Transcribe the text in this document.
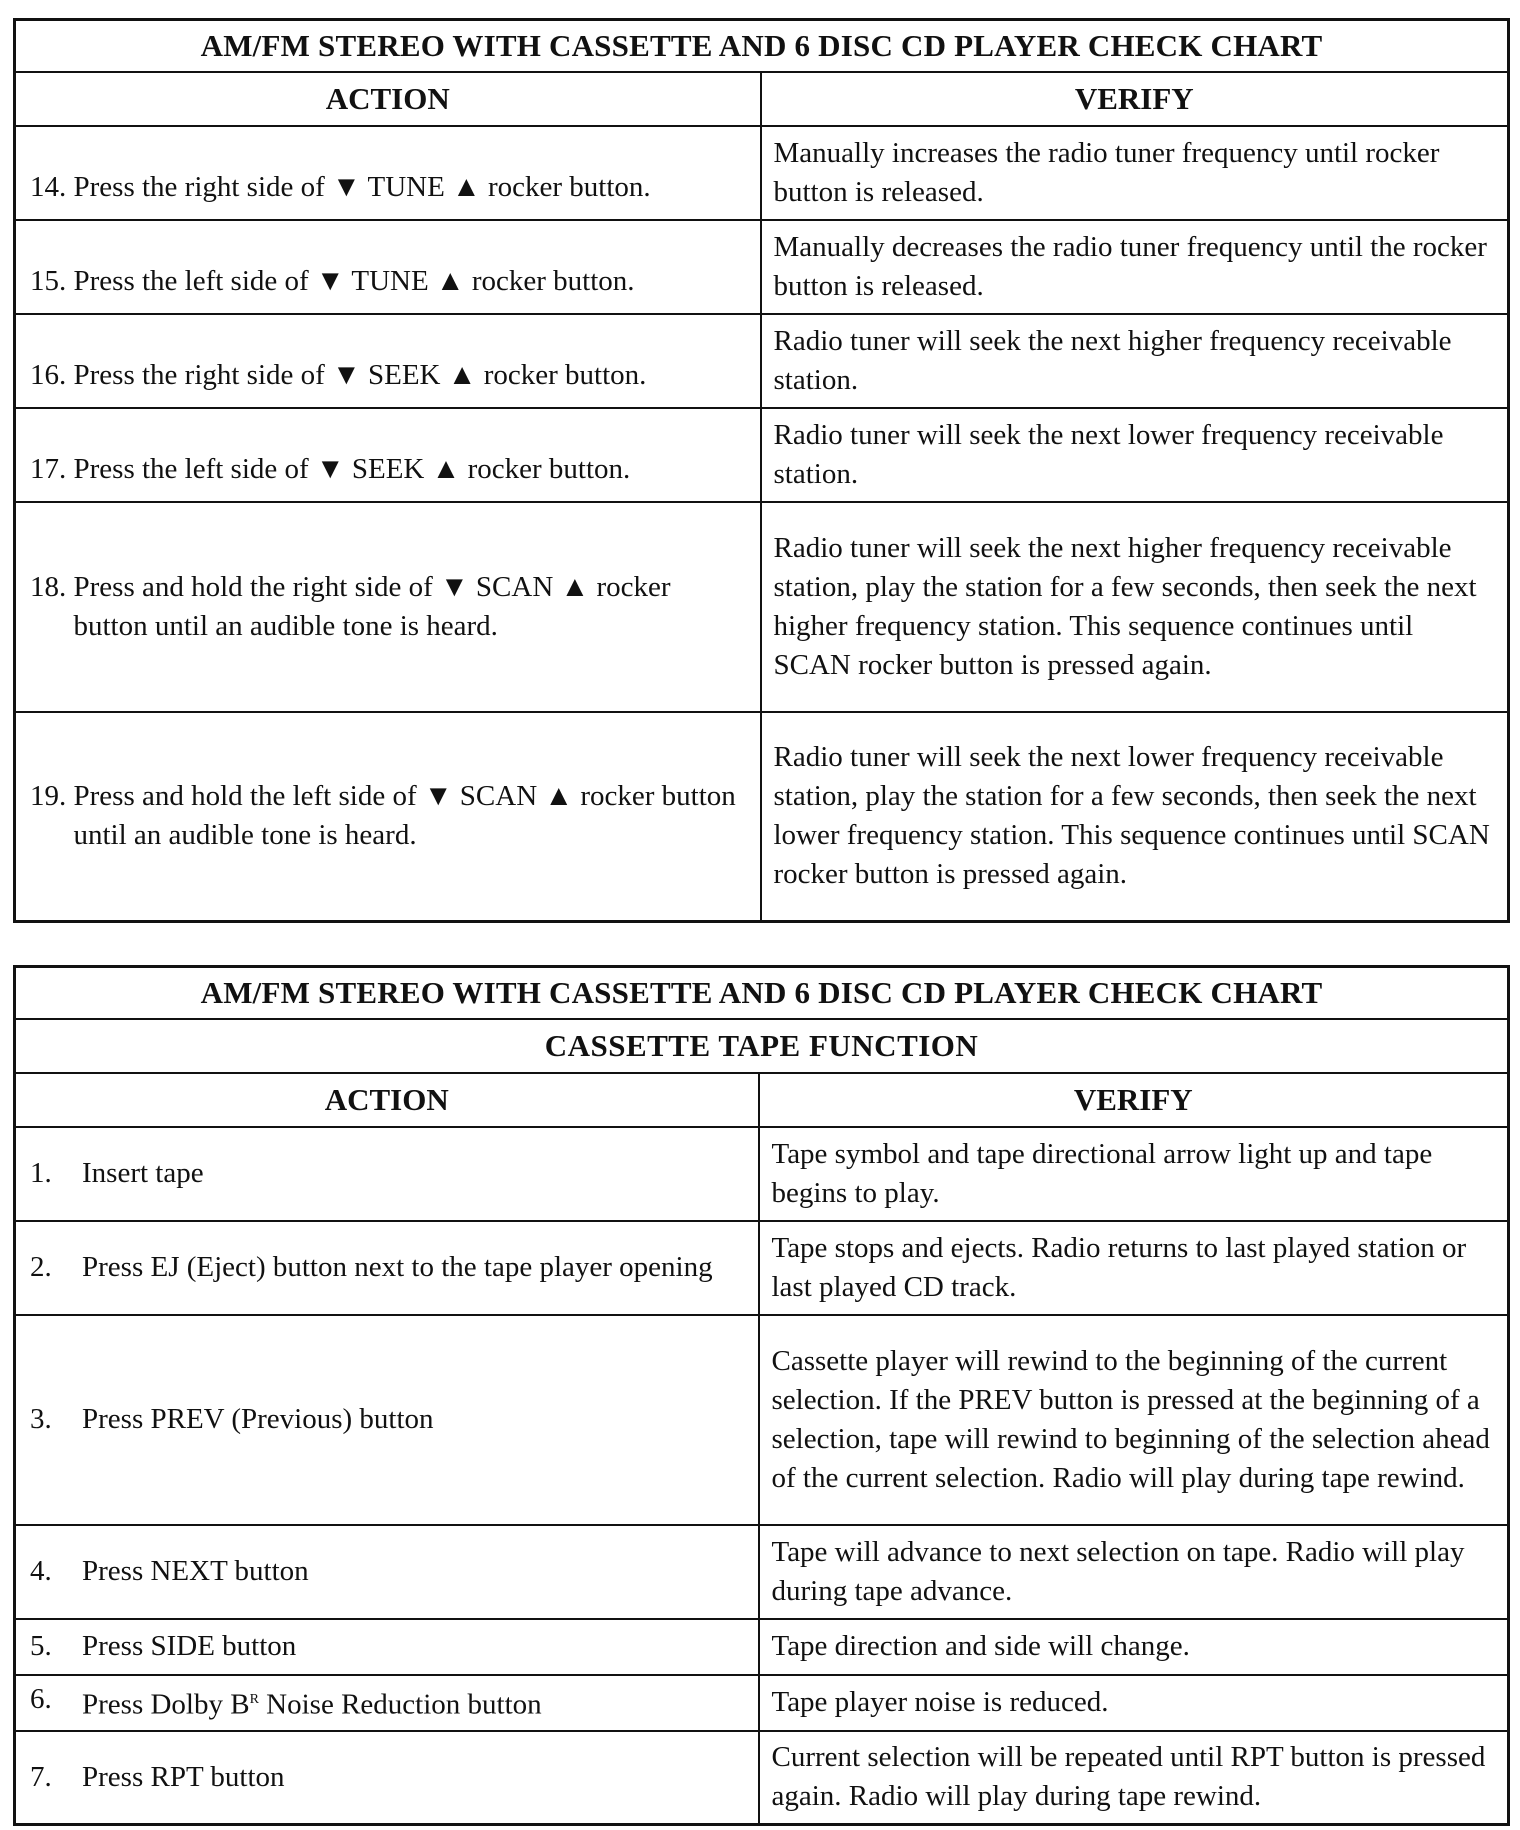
AM/FM STEREO WITH CASSETTE AND 6 DISC CD PLAYER CHECK CHART	
ACTION	VERIFY

14.
Press the right side of ▼ TUNE ▲ rocker button.	Manually increases the radio tuner frequency until rocker button is released.

15.
Press the left side of ▼ TUNE ▲ rocker button.	Manually decreases the radio tuner frequency until the rocker button is released.

16.
Press the right side of ▼ SEEK ▲ rocker button.	Radio tuner will seek the next higher frequency receivable station.

17.
Press the left side of ▼ SEEK ▲ rocker button.	Radio tuner will seek the next lower frequency receivable station.

18.
Press and hold the right side of ▼ SCAN ▲ rocker button until an audible tone is heard.	Radio tuner will seek the next higher frequency receivable station, play the station for a few seconds, then seek the next higher frequency station. This sequence continues until SCAN rocker button is pressed again.

19.
Press and hold the left side of ▼ SCAN ▲ rocker button until an audible tone is heard.	Radio tuner will seek the next lower frequency receivable station, play the station for a few seconds, then seek the next lower frequency station. This sequence continues until SCAN rocker button is pressed again.
AM/FM STEREO WITH CASSETTE AND 6 DISC CD PLAYER CHECK CHART	
CASSETTE TAPE FUNCTION	
ACTION	VERIFY

1. Insert tape	Tape symbol and tape directional arrow light up and tape begins to play.

2. Press EJ (Eject) button next to the tape player opening	Tape stops and ejects. Radio returns to last played station or last played CD track.

3. Press PREV (Previous) button	Cassette player will rewind to the beginning of the current selection. If the PREV button is pressed at the beginning of a selection, tape will rewind to beginning of the selection ahead of the current selection. Radio will play during tape rewind.

4. Press NEXT button	Tape will advance to next selection on tape. Radio will play during tape advance.

5. Press SIDE button	Tape direction and side will change.

6. Press Dolby $B^R$ Noise Reduction button	Tape player noise is reduced.

7. Press RPT button	Current selection will be repeated until RPT button is pressed again. Radio will play during tape rewind.
